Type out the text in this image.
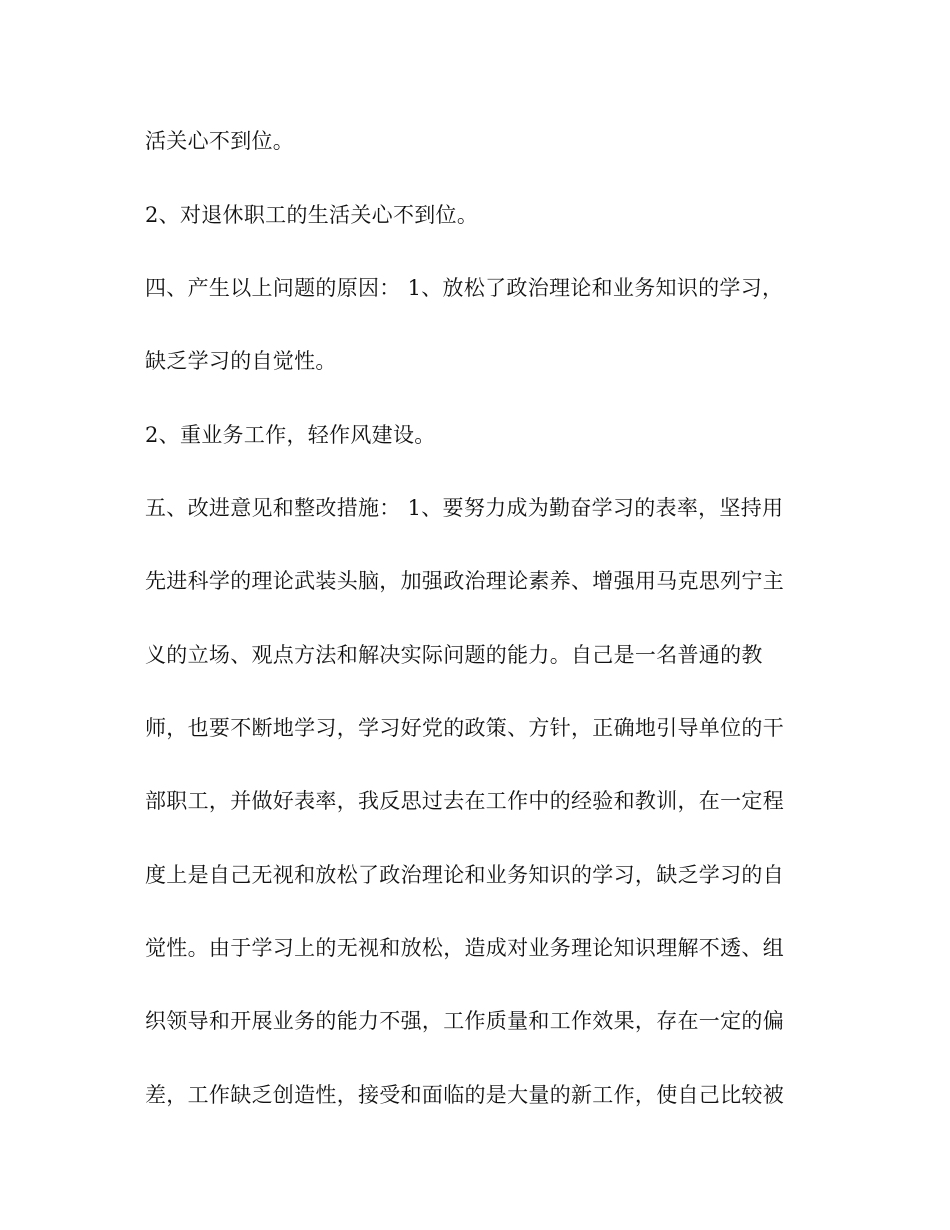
活关心不到位。
2、对退休职工的生活关心不到位。
四、产生以上问题的原因： 1、放松了政治理论和业务知识的学习，
缺乏学习的自觉性。
2、重业务工作，轻作风建设。
五、改进意见和整改措施： 1、要努力成为勤奋学习的表率，坚持用
先进科学的理论武装头脑，加强政治理论素养、增强用马克思列宁主
义的立场、观点方法和解决实际问题的能力。自己是一名普通的教
师，也要不断地学习，学习好党的政策、方针，正确地引导单位的干
部职工，并做好表率，我反思过去在工作中的经验和教训，在一定程
度上是自己无视和放松了政治理论和业务知识的学习，缺乏学习的自
觉性。由于学习上的无视和放松，造成对业务理论知识理解不透、组
织领导和开展业务的能力不强，工作质量和工作效果，存在一定的偏
差，工作缺乏创造性，接受和面临的是大量的新工作，使自己比较被
